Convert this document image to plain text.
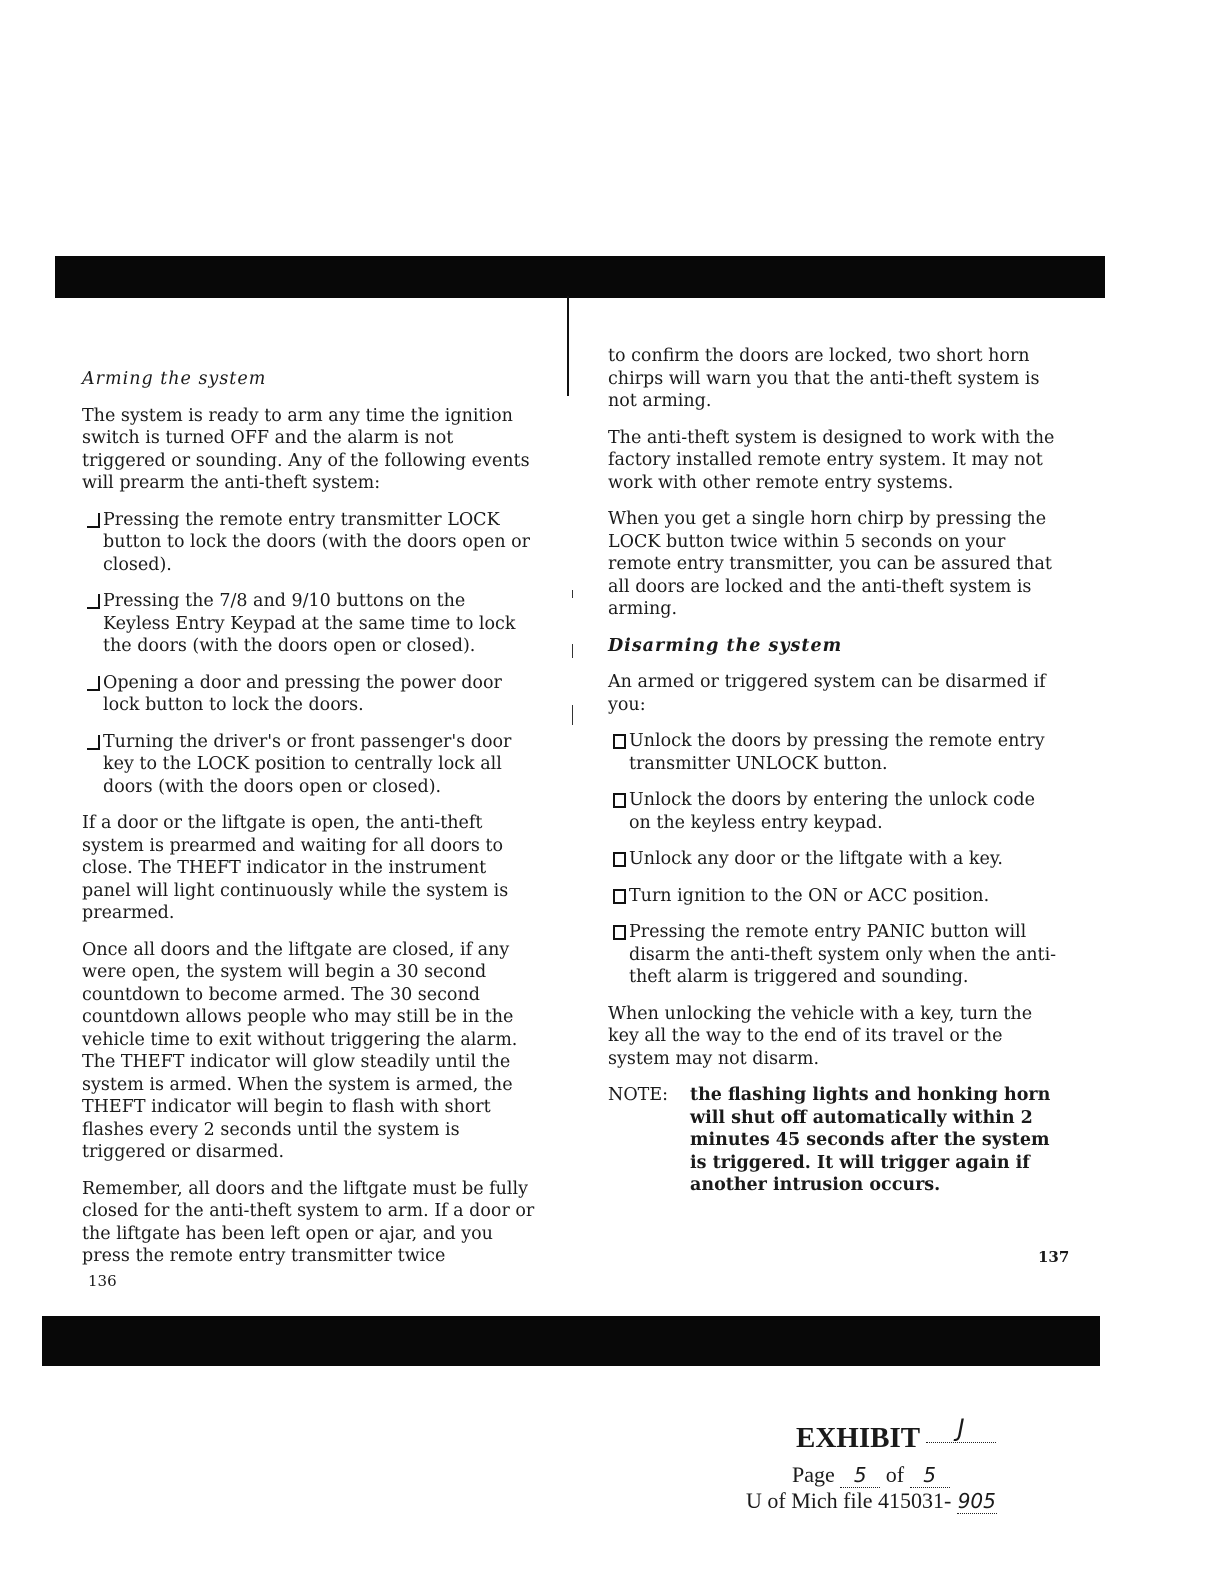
Arming the system

The system is ready to arm any time the ignition switch is turned OFF and the alarm is not triggered or sounding. Any of the following events will prearm the anti-theft system:

Pressing the remote entry transmitter LOCK button to lock the doors (with the doors open or closed).
Pressing the 7/8 and 9/10 buttons on the Keyless Entry Keypad at the same time to lock the doors (with the doors open or closed).
Opening a door and pressing the power door lock button to lock the doors.
Turning the driver's or front passenger's door key to the LOCK position to centrally lock all doors (with the doors open or closed).

If a door or the liftgate is open, the anti-theft system is prearmed and waiting for all doors to close. The THEFT indicator in the instrument panel will light continuously while the system is prearmed.

Once all doors and the liftgate are closed, if any were open, the system will begin a 30 second countdown to become armed. The 30 second countdown allows people who may still be in the vehicle time to exit without triggering the alarm. The THEFT indicator will glow steadily until the system is armed. When the system is armed, the THEFT indicator will begin to flash with short flashes every 2 seconds until the system is triggered or disarmed.

Remember, all doors and the liftgate must be fully closed for the anti-theft system to arm. If a door or the liftgate has been left open or ajar, and you press the remote entry transmitter twice

136

to confirm the doors are locked, two short horn chirps will warn you that the anti-theft system is not arming.

The anti-theft system is designed to work with the factory installed remote entry system. It may not work with other remote entry systems.

When you get a single horn chirp by pressing the LOCK button twice within 5 seconds on your remote entry transmitter, you can be assured that all doors are locked and the anti-theft system is arming.

Disarming the system

An armed or triggered system can be disarmed if you:

Unlock the doors by pressing the remote entry transmitter UNLOCK button.
Unlock the doors by entering the unlock code on the keyless entry keypad.
Unlock any door or the liftgate with a key.
Turn ignition to the ON or ACC position.
Pressing the remote entry PANIC button will disarm the anti-theft system only when the anti-theft alarm is triggered and sounding.

When unlocking the vehicle with a key, turn the key all the way to the end of its travel or the system may not disarm.

NOTE:	the flashing lights and honking horn will shut off automatically within 2 minutes 45 seconds after the system is triggered. It will trigger again if another intrusion occurs.
137
EXHIBIT	J
Page 5 of 5
U of Mich file 415031- 905
